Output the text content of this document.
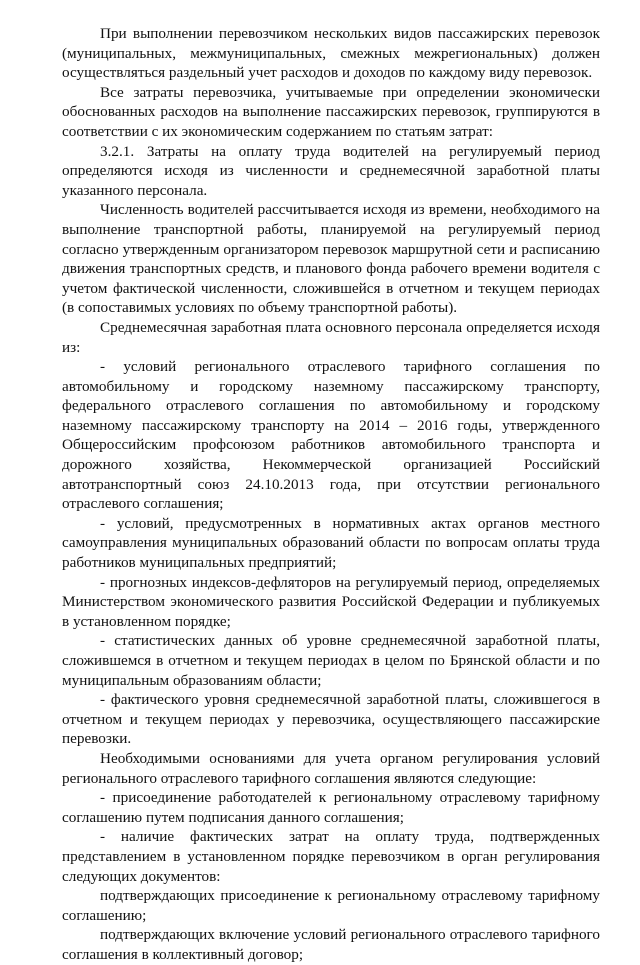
При выполнении перевозчиком нескольких видов пассажирских перевозок (муниципальных, межмуниципальных, смежных межрегиональных) должен осуществляться раздельный учет расходов и доходов по каждому виду перевозок.

Все затраты перевозчика, учитываемые при определении экономически обоснованных расходов на выполнение пассажирских перевозок, группируются в соответствии с их экономическим содержанием по статьям затрат:

3.2.1. Затраты на оплату труда водителей на регулируемый период определяются исходя из численности и среднемесячной заработной платы указанного персонала.

Численность водителей рассчитывается исходя из времени, необходимого на выполнение транспортной работы, планируемой на регулируемый период согласно утвержденным организатором перевозок маршрутной сети и расписанию движения транспортных средств, и планового фонда рабочего времени водителя с учетом фактической численности, сложившейся в отчетном и текущем периодах (в сопоставимых условиях по объему транспортной работы).

Среднемесячная заработная плата основного персонала определяется исходя из:

- условий регионального отраслевого тарифного соглашения по автомобильному и городскому наземному пассажирскому транспорту, федерального отраслевого соглашения по автомобильному и городскому наземному пассажирскому транспорту на 2014 – 2016 годы, утвержденного Общероссийским профсоюзом работников автомобильного транспорта и дорожного хозяйства, Некоммерческой организацией Российский автотранспортный союз 24.10.2013 года, при отсутствии регионального отраслевого соглашения;

- условий, предусмотренных в нормативных актах органов местного самоуправления муниципальных образований области по вопросам оплаты труда работников муниципальных предприятий;

- прогнозных индексов-дефляторов на регулируемый период, определяемых Министерством экономического развития Российской Федерации и публикуемых в установленном порядке;

- статистических данных об уровне среднемесячной заработной платы, сложившемся в отчетном и текущем периодах в целом по Брянской области и по муниципальным образованиям области;

- фактического уровня среднемесячной заработной платы, сложившегося в отчетном и текущем периодах у перевозчика, осуществляющего пассажирские перевозки.

Необходимыми основаниями для учета органом регулирования условий регионального отраслевого тарифного соглашения являются следующие:

- присоединение работодателей к региональному отраслевому тарифному соглашению путем подписания данного соглашения;

- наличие фактических затрат на оплату труда, подтвержденных представлением в установленном порядке перевозчиком в орган регулирования следующих документов:

подтверждающих присоединение к региональному отраслевому тарифному соглашению;

подтверждающих включение условий регионального отраслевого тарифного соглашения в коллективный договор;
